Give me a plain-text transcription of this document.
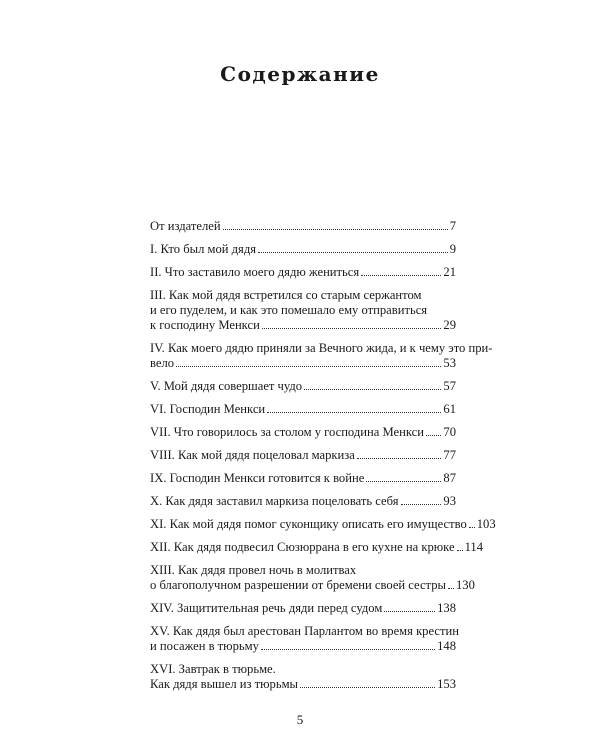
Содержание
От издателей	7
I. Кто был мой дядя	9
II. Что заставило моего дядю жениться	21
III. Как мой дядя встретился со старым сержантом
и его пуделем, и как это помешало ему отправиться
к господину Менкси	29
IV. Как моего дядю приняли за Вечного жида, и к чему это при-
вело	53
V. Мой дядя совершает чудо	57
VI. Господин Менкси	61
VII. Что говорилось за столом у господина Менкси 70
VIII. Как мой дядя поцеловал маркиза	77
IX. Господин Менкси готовится к войне	87
X. Как дядя заставил маркиза поцеловать себя	93
XI. Как мой дядя помог суконщику описать его имущество 103
XII. Как дядя подвесил Сюзюррана в его кухне на крюке 114
XIII. Как дядя провел ночь в молитвах
о благополучном разрешении от бремени своей сестры 130
XIV. Защитительная речь дяди перед судом	138
XV. Как дядя был арестован Парлантом во время крестин
и посажен в тюрьму	148
XVI. Завтрак в тюрьме.
Как дядя вышел из тюрьмы	153
5
